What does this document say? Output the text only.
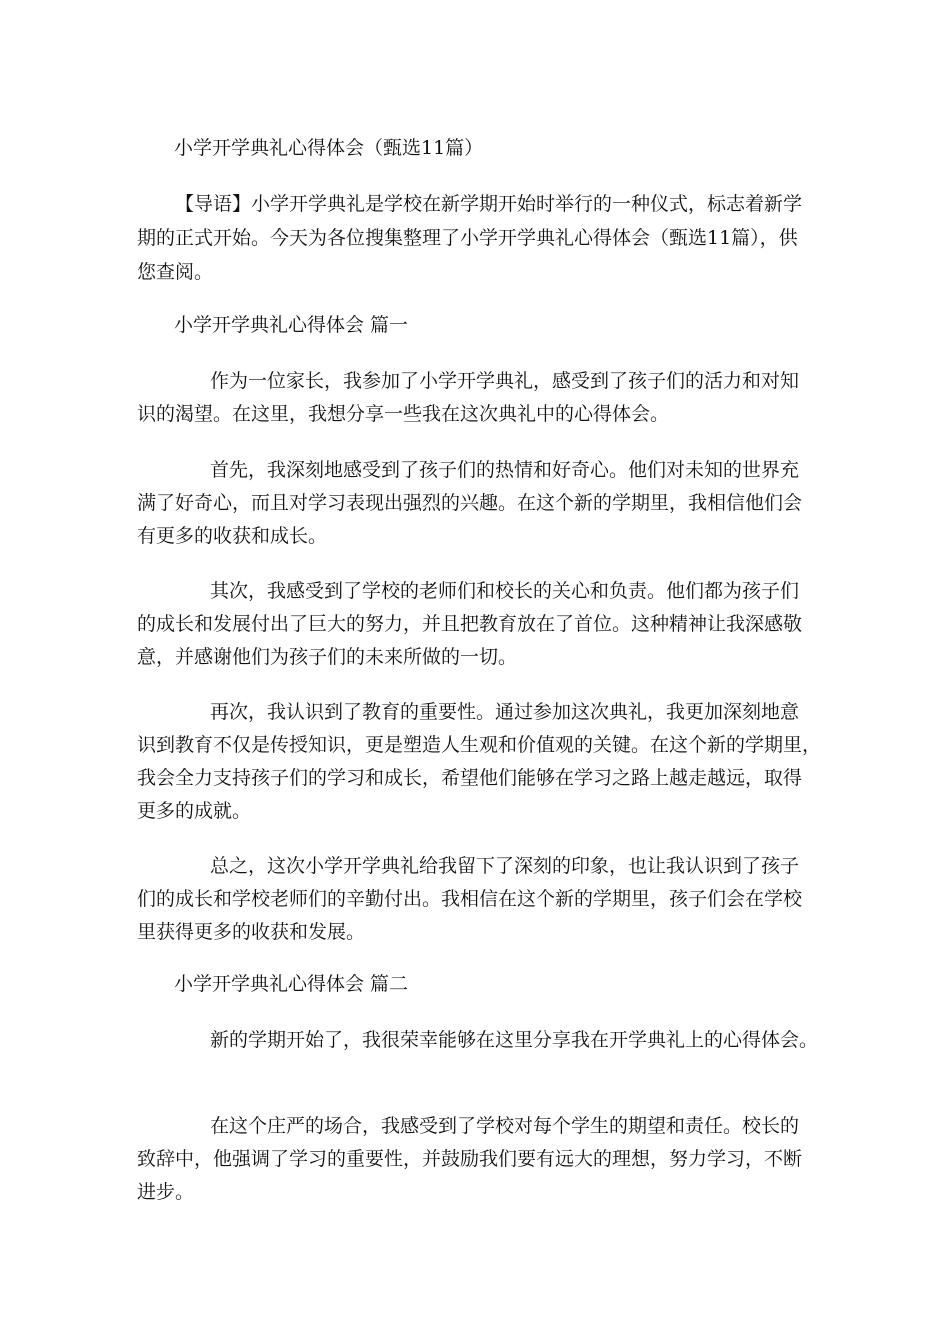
小学开学典礼心得体会（甄选11篇）
【导语】小学开学典礼是学校在新学期开始时举行的一种仪式，标志着新学
期的正式开始。今天为各位搜集整理了小学开学典礼心得体会（甄选11篇），供
您查阅。
小学开学典礼心得体会 篇一
作为一位家长，我参加了小学开学典礼，感受到了孩子们的活力和对知
识的渴望。在这里，我想分享一些我在这次典礼中的心得体会。
首先，我深刻地感受到了孩子们的热情和好奇心。他们对未知的世界充
满了好奇心，而且对学习表现出强烈的兴趣。在这个新的学期里，我相信他们会
有更多的收获和成长。
其次，我感受到了学校的老师们和校长的关心和负责。他们都为孩子们
的成长和发展付出了巨大的努力，并且把教育放在了首位。这种精神让我深感敬
意，并感谢他们为孩子们的未来所做的一切。
再次，我认识到了教育的重要性。通过参加这次典礼，我更加深刻地意
识到教育不仅是传授知识，更是塑造人生观和价值观的关键。在这个新的学期里，
我会全力支持孩子们的学习和成长，希望他们能够在学习之路上越走越远，取得
更多的成就。
总之，这次小学开学典礼给我留下了深刻的印象，也让我认识到了孩子
们的成长和学校老师们的辛勤付出。我相信在这个新的学期里，孩子们会在学校
里获得更多的收获和发展。
小学开学典礼心得体会 篇二
新的学期开始了，我很荣幸能够在这里分享我在开学典礼上的心得体会。
在这个庄严的场合，我感受到了学校对每个学生的期望和责任。校长的
致辞中，他强调了学习的重要性，并鼓励我们要有远大的理想，努力学习，不断
进步。
